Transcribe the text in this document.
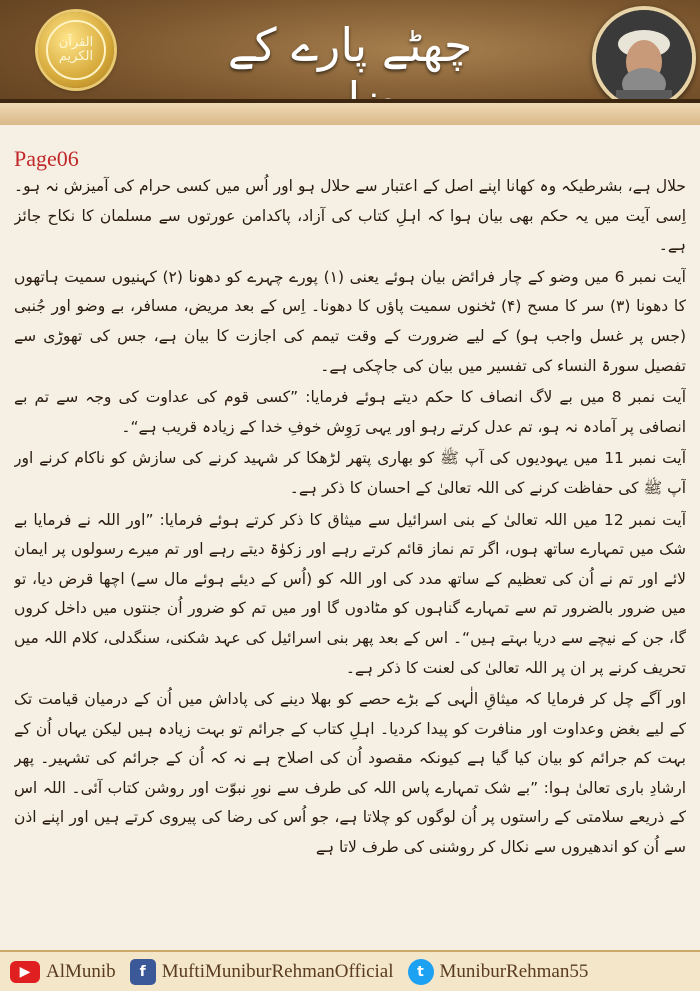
القرآن الكريم	چھٹے پارے کے
Page06

حلال ہے، بشرطیکہ وہ کھانا اپنے اصل کے اعتبار سے حلال ہو اور اُس میں کسی حرام کی آمیزش نہ ہو۔ اِسی آیت میں یہ حکم بھی بیان ہوا کہ اہلِ کتاب کی آزاد، پاکدامن عورتوں سے مسلمان کا نکاح جائز ہے۔

آیت نمبر 6 میں وضو کے چار فرائض بیان ہوئے یعنی (۱) پورے چہرے کو دھونا (۲) کہنیوں سمیت ہاتھوں کا دھونا (۳) سر کا مسح (۴) ٹخنوں سمیت پاؤں کا دھونا۔ اِس کے بعد مریض، مسافر، بے وضو اور جُنبی (جس پر غسل واجب ہو) کے لیے ضرورت کے وقت تیمم کی اجازت کا بیان ہے، جس کی تھوڑی سے تفصیل سورۃ النساء کی تفسیر میں بیان کی جاچکی ہے۔

آیت نمبر 8 میں بے لاگ انصاف کا حکم دیتے ہوئے فرمایا: ”کسی قوم کی عداوت کی وجہ سے تم بے انصافی پر آمادہ نہ ہو، تم عدل کرتے رہو اور یہی رَوِش خوفِ خدا کے زیادہ قریب ہے“۔

آیت نمبر 11 میں یہودیوں کی آپ ﷺ کو بھاری پتھر لڑھکا کر شہید کرنے کی سازش کو ناکام کرنے اور آپ ﷺ کی حفاظت کرنے کی اللہ تعالیٰ کے احسان کا ذکر ہے۔

آیت نمبر 12 میں اللہ تعالیٰ کے بنی اسرائیل سے میثاق کا ذکر کرتے ہوئے فرمایا: ”اور اللہ نے فرمایا بے شک میں تمہارے ساتھ ہوں، اگر تم نماز قائم کرتے رہے اور زکوٰۃ دیتے رہے اور تم میرے رسولوں پر ایمان لائے اور تم نے اُن کی تعظیم کے ساتھ مدد کی اور اللہ کو (اُس کے دیئے ہوئے مال سے) اچھا قرض دیا، تو میں ضرور بالضرور تم سے تمہارے گناہوں کو مٹادوں گا اور میں تم کو ضرور اُن جنتوں میں داخل کروں گا، جن کے نیچے سے دریا بہتے ہیں“۔ اس کے بعد پھر بنی اسرائیل کی عہد شکنی، سنگدلی، کلام اللہ میں تحریف کرنے پر ان پر اللہ تعالیٰ کی لعنت کا ذکر ہے۔

اور آگے چل کر فرمایا کہ میثاقِ الٰہی کے بڑے حصے کو بھلا دینے کی پاداش میں اُن کے درمیان قیامت تک کے لیے بغض وعداوت اور منافرت کو پیدا کردیا۔ اہلِ کتاب کے جرائم تو بہت زیادہ ہیں لیکن یہاں اُن کے بہت کم جرائم کو بیان کیا گیا ہے کیونکہ مقصود اُن کی اصلاح ہے نہ کہ اُن کے جرائم کی تشہیر۔ پھر ارشادِ باری تعالیٰ ہوا: ”بے شک تمہارے پاس اللہ کی طرف سے نورِ نبوّت اور روشن کتاب آئی۔ اللہ اس کے ذریعے سلامتی کے راستوں پر اُن لوگوں کو چلاتا ہے، جو اُس کی رضا کی پیروی کرتے ہیں اور اپنے اذن سے اُن کو اندھیروں سے نکال کر روشنی کی طرف لاتا ہے

▶ AlMunib	f MuftiMuniburRehmanOfficial	t MuniburRehman55
